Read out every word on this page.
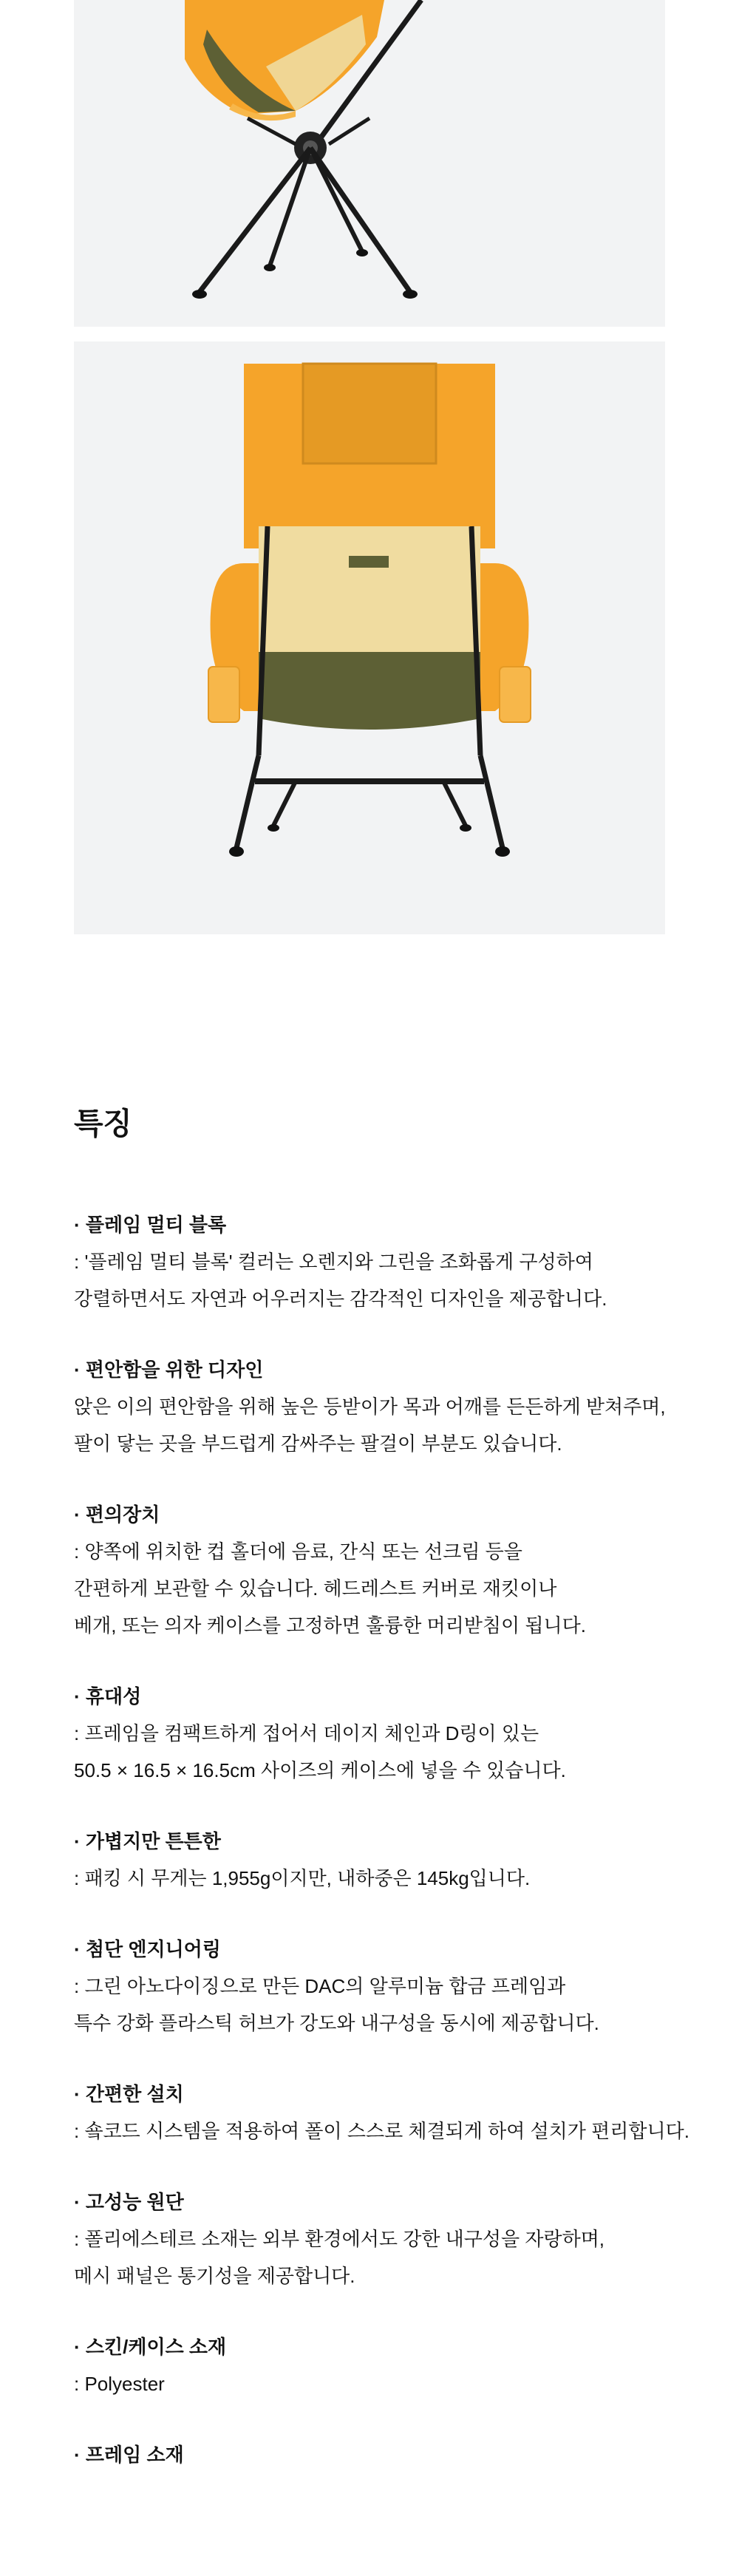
특징
· 플레임 멀티 블록
: '플레임 멀티 블록' 컬러는 오렌지와 그린을 조화롭게 구성하여
강렬하면서도 자연과 어우러지는 감각적인 디자인을 제공합니다.
· 편안함을 위한 디자인
앉은 이의 편안함을 위해 높은 등받이가 목과 어깨를 든든하게 받쳐주며,
팔이 닿는 곳을 부드럽게 감싸주는 팔걸이 부분도 있습니다.
· 편의장치
: 양쪽에 위치한 컵 홀더에 음료, 간식 또는 선크림 등을
간편하게 보관할 수 있습니다. 헤드레스트 커버로 재킷이나
베개, 또는 의자 케이스를 고정하면 훌륭한 머리받침이 됩니다.
· 휴대성
: 프레임을 컴팩트하게 접어서 데이지 체인과 D링이 있는
50.5 × 16.5 × 16.5cm 사이즈의 케이스에 넣을 수 있습니다.
· 가볍지만 튼튼한
: 패킹 시 무게는 1,955g이지만, 내하중은 145kg입니다.
· 첨단 엔지니어링
: 그린 아노다이징으로 만든 DAC의 알루미늄 합금 프레임과
특수 강화 플라스틱 허브가 강도와 내구성을 동시에 제공합니다.
· 간편한 설치
: 숔코드 시스템을 적용하여 폴이 스스로 체결되게 하여 설치가 편리합니다.
· 고성능 원단
: 폴리에스테르 소재는 외부 환경에서도 강한 내구성을 자랑하며,
메시 패널은 통기성을 제공합니다.
· 스킨/케이스 소재
: Polyester
· 프레임 소재
